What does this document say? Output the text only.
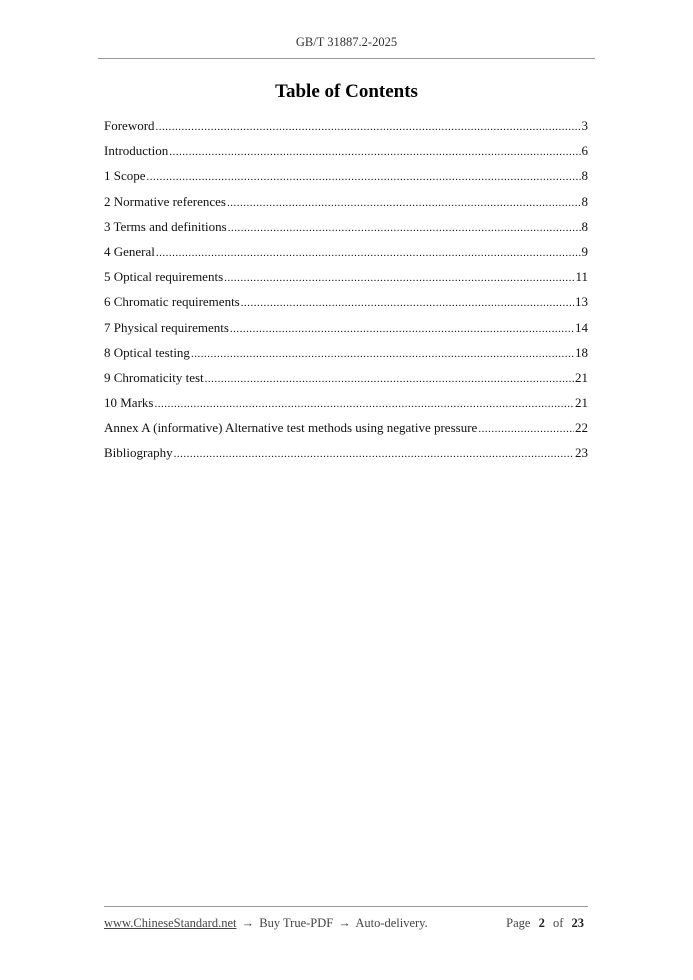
GB/T 31887.2-2025
Table of Contents
Foreword .....	3
Introduction .....	6
1 Scope .....	8
2 Normative references .....	8
3 Terms and definitions .....	8
4 General .....	9
5 Optical requirements .....	11
6 Chromatic requirements .....	13
7 Physical requirements .....	14
8 Optical testing .....	18
9 Chromaticity test .....	21
10 Marks .....	21
Annex A (informative) Alternative test methods using negative pressure .....	22
Bibliography .....	23
www.ChineseStandard.net → Buy True-PDF → Auto-delivery.	Page 2 of 23
